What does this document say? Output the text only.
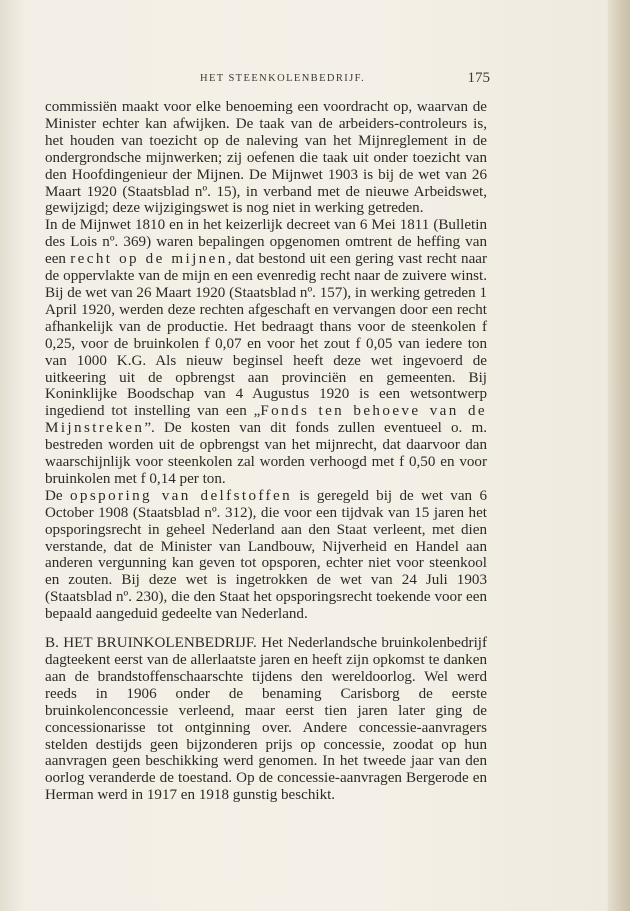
HET STEENKOLENBEDRIJF.	175

commissiën maakt voor elke benoeming een voordracht op, waarvan de Minister echter kan afwijken. De taak van de arbeiders-controleurs is, het houden van toezicht op de naleving van het Mijnreglement in de ondergrondsche mijnwerken; zij oefenen die taak uit onder toezicht van den Hoofdingenieur der Mijnen. De Mijnwet 1903 is bij de wet van 26 Maart 1920 (Staatsblad nº. 15), in verband met de nieuwe Arbeidswet, gewijzigd; deze wijzigingswet is nog niet in werking getreden.

In de Mijnwet 1810 en in het keizerlijk decreet van 6 Mei 1811 (Bulletin des Lois nº. 369) waren bepalingen opgenomen omtrent de heffing van een recht op de mijnen, dat bestond uit een gering vast recht naar de oppervlakte van de mijn en een evenredig recht naar de zuivere winst. Bij de wet van 26 Maart 1920 (Staatsblad nº. 157), in werking getreden 1 April 1920, werden deze rechten afgeschaft en vervangen door een recht afhankelijk van de productie. Het bedraagt thans voor de steenkolen f 0,25, voor de bruinkolen f 0,07 en voor het zout f 0,05 van iedere ton van 1000 K.G. Als nieuw beginsel heeft deze wet ingevoerd de uitkeering uit de opbrengst aan provinciën en gemeenten. Bij Koninklijke Boodschap van 4 Augustus 1920 is een wetsontwerp ingediend tot instelling van een „Fonds ten behoeve van de Mijnstreken”. De kosten van dit fonds zullen eventueel o. m. bestreden worden uit de opbrengst van het mijnrecht, dat daarvoor dan waarschijnlijk voor steenkolen zal worden verhoogd met f 0,50 en voor bruinkolen met f 0,14 per ton.

De opsporing van delfstoffen is geregeld bij de wet van 6 October 1908 (Staatsblad nº. 312), die voor een tijdvak van 15 jaren het opsporingsrecht in geheel Nederland aan den Staat verleent, met dien verstande, dat de Minister van Landbouw, Nijverheid en Handel aan anderen vergunning kan geven tot opsporen, echter niet voor steenkool en zouten. Bij deze wet is ingetrokken de wet van 24 Juli 1903 (Staatsblad nº. 230), die den Staat het opsporingsrecht toekende voor een bepaald aangeduid gedeelte van Nederland.

B. HET BRUINKOLENBEDRIJF. Het Nederlandsche bruinkolenbedrijf dagteekent eerst van de allerlaatste jaren en heeft zijn opkomst te danken aan de brandstoffenschaarschte tijdens den wereldoorlog. Wel werd reeds in 1906 onder de benaming Carisborg de eerste bruinkolenconcessie verleend, maar eerst tien jaren later ging de concessionarisse tot ontginning over. Andere concessie-aanvragers stelden destijds geen bijzonderen prijs op concessie, zoodat op hun aanvragen geen beschikking werd genomen. In het tweede jaar van den oorlog veranderde de toestand. Op de concessie-aanvragen Bergerode en Herman werd in 1917 en 1918 gunstig beschikt.
